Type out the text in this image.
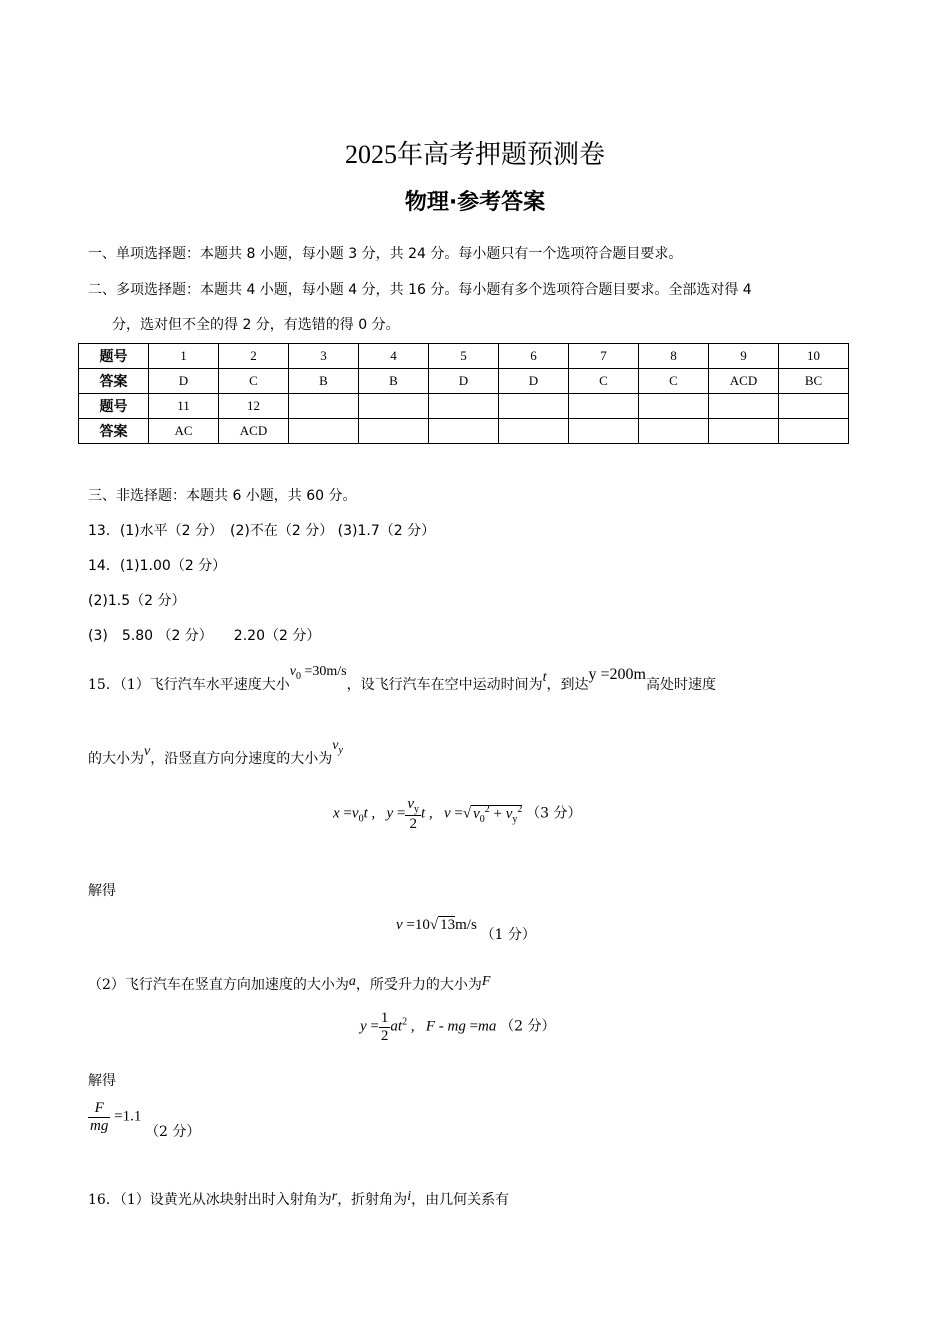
2025年高考押题预测卷
物理·参考答案
一、单项选择题：本题共 8 小题，每小题 3 分，共 24 分。每小题只有一个选项符合题目要求。
二、多项选择题：本题共 4 小题，每小题 4 分，共 16 分。每小题有多个选项符合题目要求。全部选对得 4
分，选对但不全的得 2 分，有选错的得 0 分。
题号	1	2	3	4	5	6	7	8	9	10
答案	D	C	B	B	D	D	C	C	ACD	BC
题号	11	12								
答案	AC	ACD								
三、非选择题：本题共 6 小题，共 60 分。
13．(1)水平（2 分）　(2)不在（2 分） (3)1.7（2 分）
14．(1)1.00（2 分）
(2)1.5（2 分）
(3)　5.80 （2 分）　　2.20（2 分）
15．（1）飞行汽车水平速度大小$v_0 =30m/s$，设飞行汽车在空中运动时间为t，到达y =200m高处时速度
的大小为v，沿竖直方向分速度的大小为$v_y$
$x =v_0t$ ,   $y = \frac{v_y}{2}$ t ,   v =√ $v_0^2 + v_y^2$ （3 分）
解得
v =10√ 13m/s （1 分）
（2）飞行汽车在竖直方向加速度的大小为a，所受升力的大小为F
$y = \frac{1}{2} at^2$ ,   F - mg =ma （2 分）
解得
$\frac{F}{mg} =1.1$ （2 分）
16．（1）设黄光从冰块射出时入射角为r，折射角为i，由几何关系有
